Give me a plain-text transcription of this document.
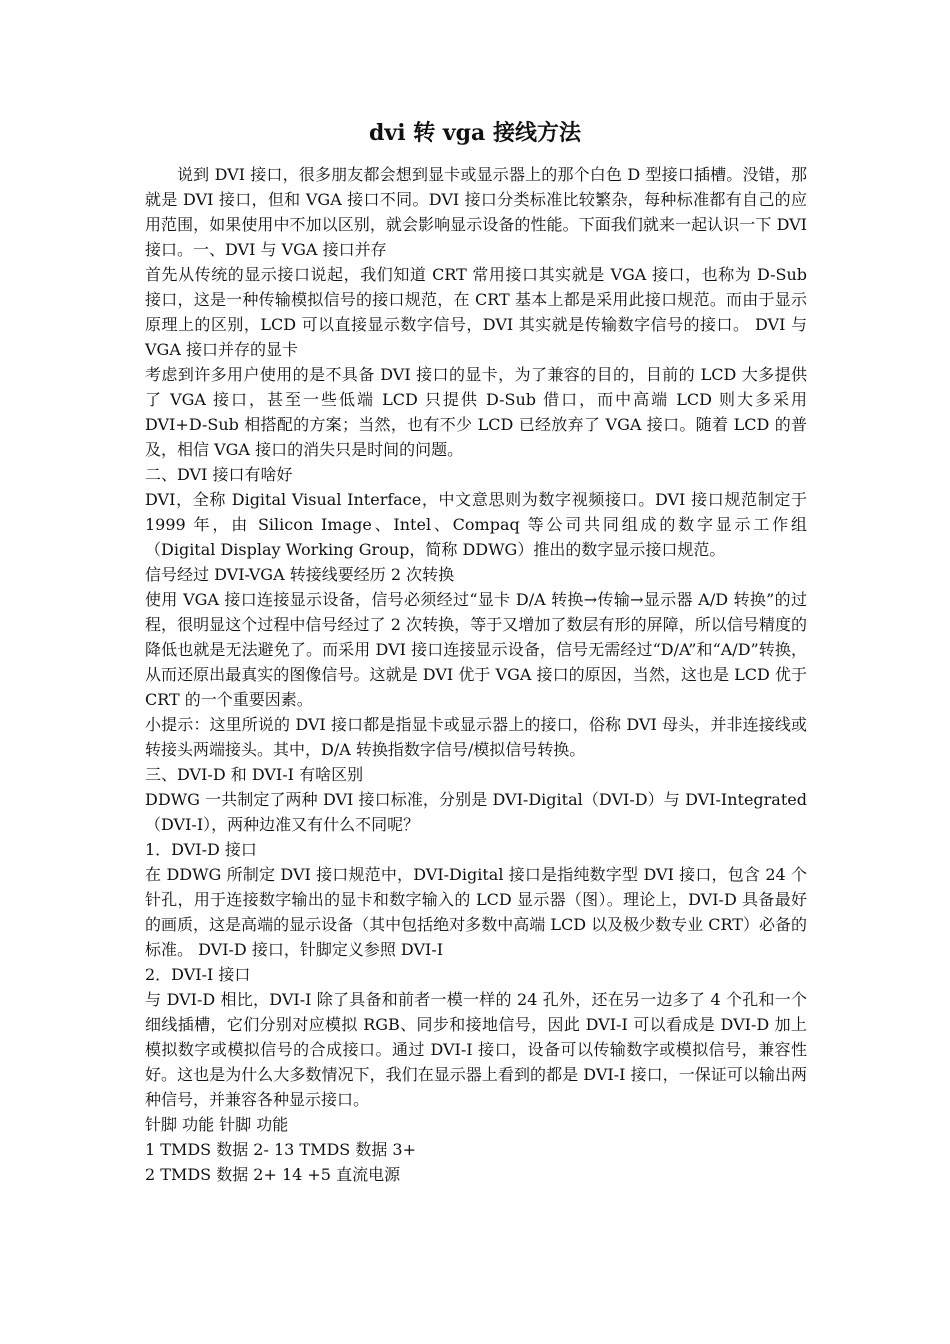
dvi 转 vga 接线方法

说到 DVI 接口，很多朋友都会想到显卡或显示器上的那个白色 D 型接口插槽。没错，那就是 DVI 接口，但和 VGA 接口不同。DVI 接口分类标准比较繁杂，每种标准都有自己的应用范围，如果使用中不加以区别，就会影响显示设备的性能。下面我们就来一起认识一下 DVI 接口。一、DVI 与 VGA 接口并存

首先从传统的显示接口说起，我们知道 CRT 常用接口其实就是 VGA 接口，也称为 D-Sub 接口，这是一种传输模拟信号的接口规范，在 CRT 基本上都是采用此接口规范。而由于显示原理上的区别，LCD 可以直接显示数字信号，DVI 其实就是传输数字信号的接口。 DVI 与 VGA 接口并存的显卡

考虑到许多用户使用的是不具备 DVI 接口的显卡，为了兼容的目的，目前的 LCD 大多提供了 VGA 接口，甚至一些低端 LCD 只提供 D-Sub 借口，而中高端 LCD 则大多采用 DVI+D-Sub 相搭配的方案；当然，也有不少 LCD 已经放弃了 VGA 接口。随着 LCD 的普及，相信 VGA 接口的消失只是时间的问题。

二、DVI 接口有啥好

DVI，全称 Digital Visual Interface，中文意思则为数字视频接口。DVI 接口规范制定于 1999 年，由 Silicon Image、Intel、Compaq 等公司共同组成的数字显示工作组（Digital Display Working Group，简称 DDWG）推出的数字显示接口规范。

信号经过 DVI-VGA 转接线要经历 2 次转换

使用 VGA 接口连接显示设备，信号必须经过“显卡 D/A 转换→传输→显示器 A/D 转换”的过程，很明显这个过程中信号经过了 2 次转换，等于又增加了数层有形的屏障，所以信号精度的降低也就是无法避免了。而采用 DVI 接口连接显示设备，信号无需经过“D/A”和“A/D”转换，从而还原出最真实的图像信号。这就是 DVI 优于 VGA 接口的原因，当然，这也是 LCD 优于 CRT 的一个重要因素。

小提示：这里所说的 DVI 接口都是指显卡或显示器上的接口，俗称 DVI 母头，并非连接线或转接头两端接头。其中，D/A 转换指数字信号/模拟信号转换。

三、DVI-D 和 DVI-I 有啥区别

DDWG 一共制定了两种 DVI 接口标准，分别是 DVI-Digital（DVI-D）与 DVI-Integrated（DVI-I），两种边准又有什么不同呢？

1．DVI-D 接口

在 DDWG 所制定 DVI 接口规范中，DVI-Digital 接口是指纯数字型 DVI 接口，包含 24 个针孔，用于连接数字输出的显卡和数字输入的 LCD 显示器（图）。理论上，DVI-D 具备最好的画质，这是高端的显示设备（其中包括绝对多数中高端 LCD 以及极少数专业 CRT）必备的标准。 DVI-D 接口，针脚定义参照 DVI-I

2．DVI-I 接口

与 DVI-D 相比，DVI-I 除了具备和前者一模一样的 24 孔外，还在另一边多了 4 个孔和一个细线插槽，它们分别对应模拟 RGB、同步和接地信号，因此 DVI-I 可以看成是 DVI-D 加上模拟数字或模拟信号的合成接口。通过 DVI-I 接口，设备可以传输数字或模拟信号，兼容性好。这也是为什么大多数情况下，我们在显示器上看到的都是 DVI-I 接口，一保证可以输出两种信号，并兼容各种显示接口。

针脚 功能 针脚 功能

1 TMDS 数据 2- 13 TMDS 数据 3+

2 TMDS 数据 2+ 14 +5 直流电源
